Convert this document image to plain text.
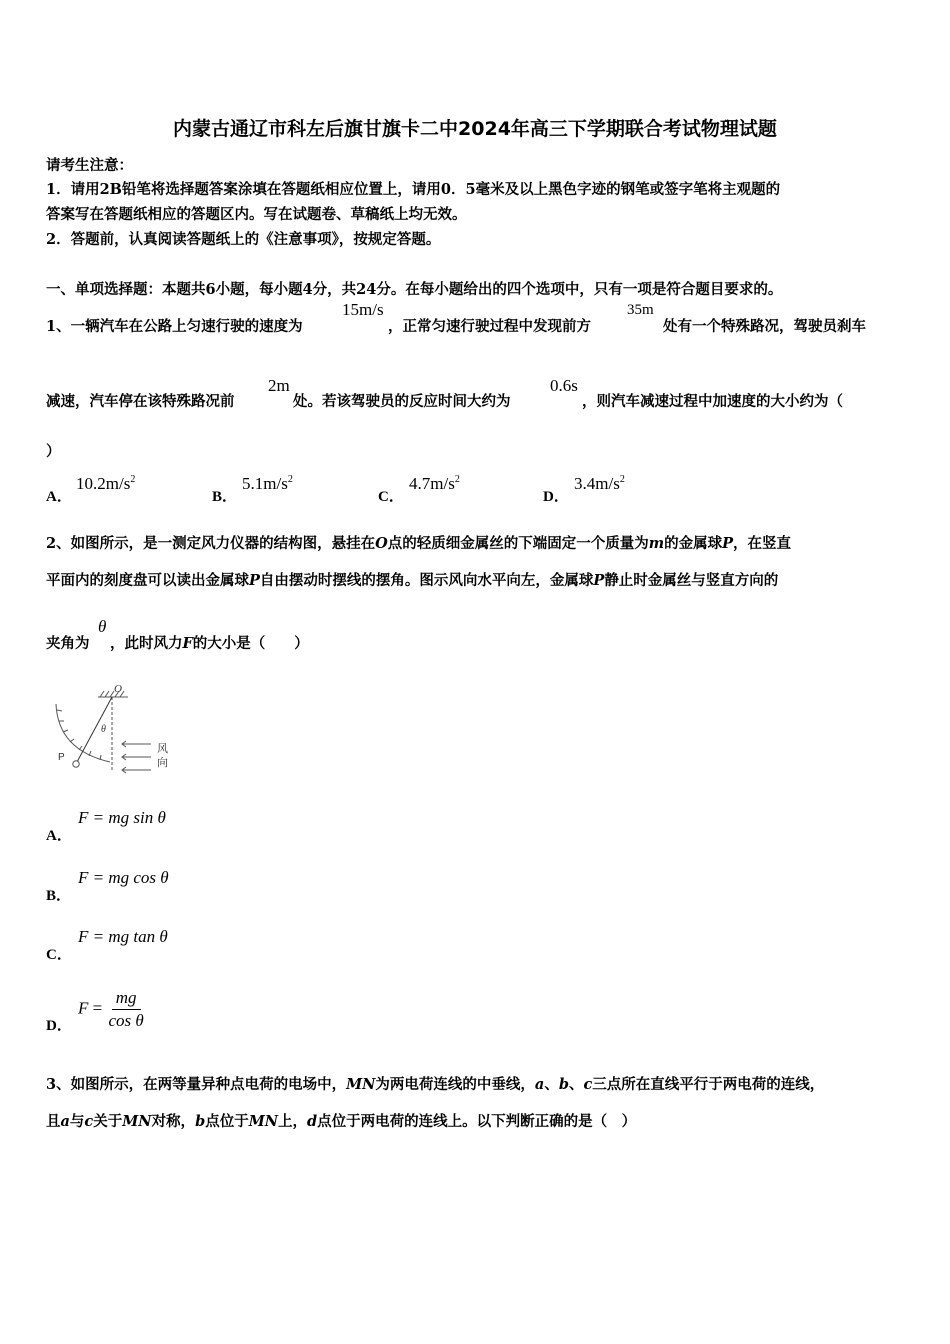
内蒙古通辽市科左后旗甘旗卡二中2024年高三下学期联合考试物理试题
请考生注意：
1．请用2B铅笔将选择题答案涂填在答题纸相应位置上，请用0．5毫米及以上黑色字迹的钢笔或签字笔将主观题的
答案写在答题纸相应的答题区内。写在试题卷、草稿纸上均无效。
2．答题前，认真阅读答题纸上的《注意事项》，按规定答题。
一、单项选择题：本题共6小题，每小题4分，共24分。在每小题给出的四个选项中，只有一项是符合题目要求的。
1、一辆汽车在公路上匀速行驶的速度为
15m/s
，正常匀速行驶过程中发现前方
35m
处有一个特殊路况，驾驶员刹车
减速，汽车停在该特殊路况前
2m
处。若该驾驶员的反应时间大约为
0.6s
，则汽车减速过程中加速度的大小约为（
）
A．
$10.2m/s^2$
B．
$5.1m/s^2$
C．
$4.7m/s^2$
D．
$3.4m/s^2$
2、如图所示，是一测定风力仪器的结构图，悬挂在O点的轻质细金属丝的下端固定一个质量为m的金属球P，在竖直
平面内的刻度盘可以读出金属球P自由摆动时摆线的摆角。图示风向水平向左，金属球P静止时金属丝与竖直方向的
夹角为
θ
，此时风力F的大小是（　　）
O
θ
P
风
向
A．
F = mg sin θ
B．
F = mg cos θ
C．
F = mg tan θ
D．
$F = \frac{mg}{\text{cos θ}}$
3、如图所示，在两等量异种点电荷的电场中，MN为两电荷连线的中垂线，a、b、c三点所在直线平行于两电荷的连线，
且a与c关于MN对称，b点位于MN上，d点位于两电荷的连线上。以下判断正确的是（　）
